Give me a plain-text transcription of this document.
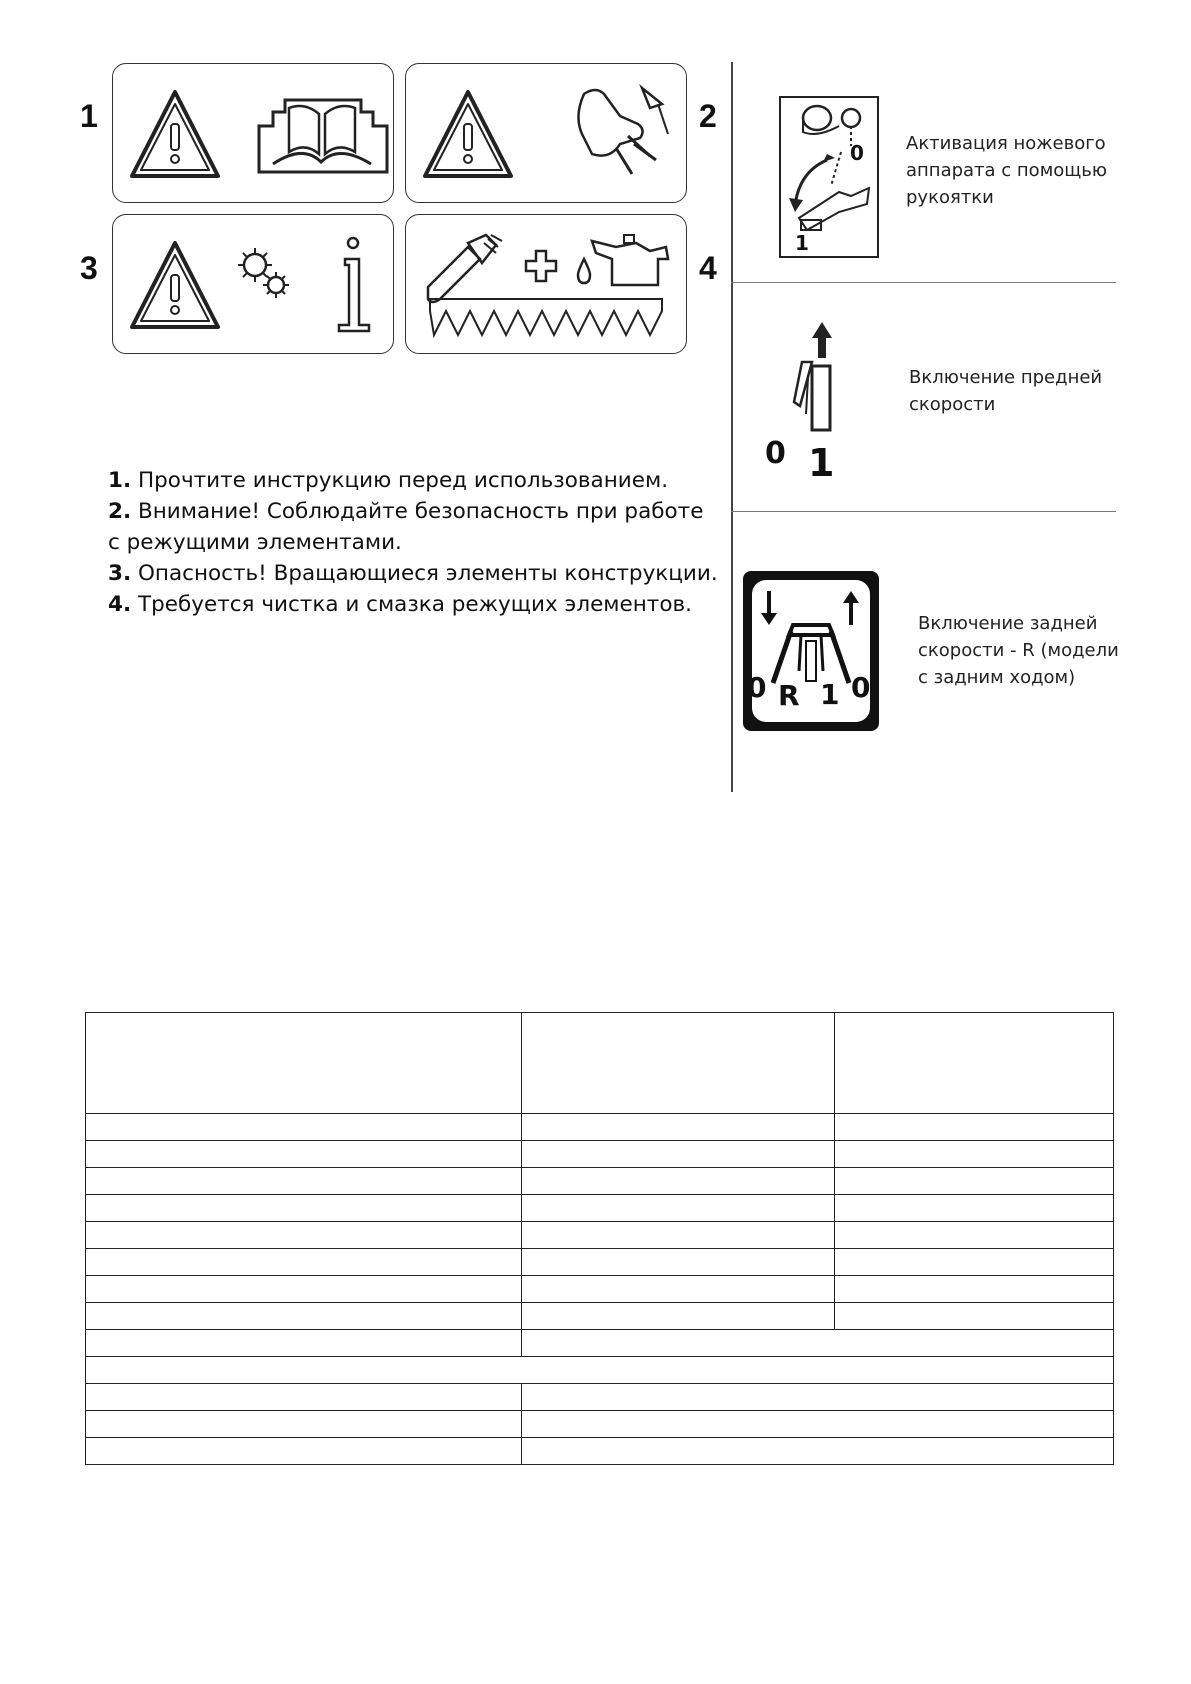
1	2
3	4
1. Прочтите инструкцию перед использованием.
2. Внимание! Соблюдайте безопасность при работе
с режущими элементами.
3. Опасность! Вращающиеся элементы конструкции.
4. Требуется чистка и смазка режущих элементов.
0
1
Активация ножевого
аппарата с помощью
рукоятки
0 1
Включение предней
скорости
0 R 1 0
Включение задней
скорости - R (модели
с задним ходом)
